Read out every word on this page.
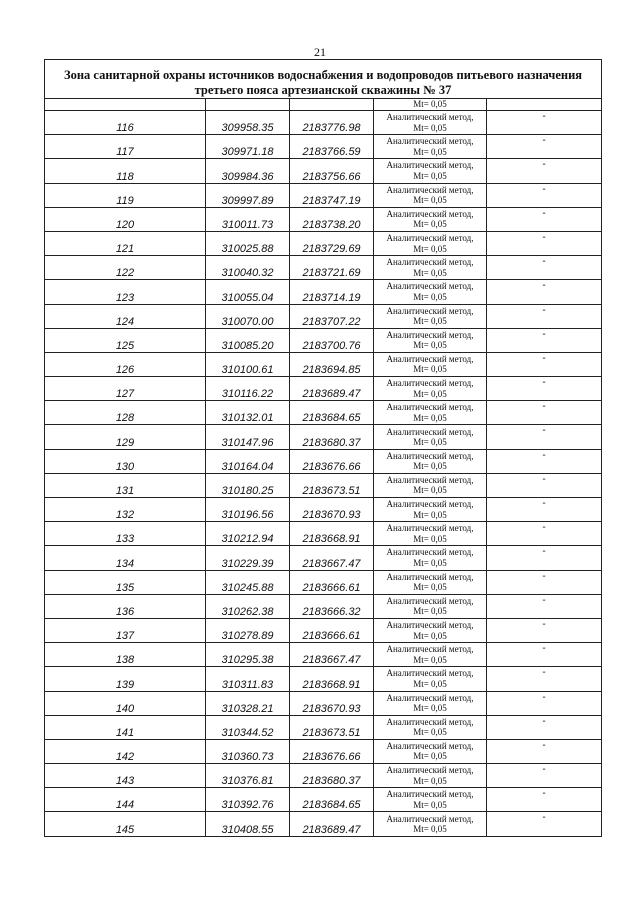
21
Зона санитарной охраны источников водоснабжения и водопроводов питьевого назначения третьего пояса артезианской скважины № 37				
			Mt= 0,05	
116	309958.35	2183776.98	Аналитический метод,
Mt= 0,05	-
117	309971.18	2183766.59	Аналитический метод,
Mt= 0,05	-
118	309984.36	2183756.66	Аналитический метод,
Mt= 0,05	-
119	309997.89	2183747.19	Аналитический метод,
Mt= 0,05	-
120	310011.73	2183738.20	Аналитический метод,
Mt= 0,05	-
121	310025.88	2183729.69	Аналитический метод,
Mt= 0,05	-
122	310040.32	2183721.69	Аналитический метод,
Mt= 0,05	-
123	310055.04	2183714.19	Аналитический метод,
Mt= 0,05	-
124	310070.00	2183707.22	Аналитический метод,
Mt= 0,05	-
125	310085.20	2183700.76	Аналитический метод,
Mt= 0,05	-
126	310100.61	2183694.85	Аналитический метод,
Mt= 0,05	-
127	310116.22	2183689.47	Аналитический метод,
Mt= 0,05	-
128	310132.01	2183684.65	Аналитический метод,
Mt= 0,05	-
129	310147.96	2183680.37	Аналитический метод,
Mt= 0,05	-
130	310164.04	2183676.66	Аналитический метод,
Mt= 0,05	-
131	310180.25	2183673.51	Аналитический метод,
Mt= 0,05	-
132	310196.56	2183670.93	Аналитический метод,
Mt= 0,05	-
133	310212.94	2183668.91	Аналитический метод,
Mt= 0,05	-
134	310229.39	2183667.47	Аналитический метод,
Mt= 0,05	-
135	310245.88	2183666.61	Аналитический метод,
Mt= 0,05	-
136	310262.38	2183666.32	Аналитический метод,
Mt= 0,05	-
137	310278.89	2183666.61	Аналитический метод,
Mt= 0,05	-
138	310295.38	2183667.47	Аналитический метод,
Mt= 0,05	-
139	310311.83	2183668.91	Аналитический метод,
Mt= 0,05	-
140	310328.21	2183670.93	Аналитический метод,
Mt= 0,05	-
141	310344.52	2183673.51	Аналитический метод,
Mt= 0,05	-
142	310360.73	2183676.66	Аналитический метод,
Mt= 0,05	-
143	310376.81	2183680.37	Аналитический метод,
Mt= 0,05	-
144	310392.76	2183684.65	Аналитический метод,
Mt= 0,05	-
145	310408.55	2183689.47	Аналитический метод,
Mt= 0,05	-
